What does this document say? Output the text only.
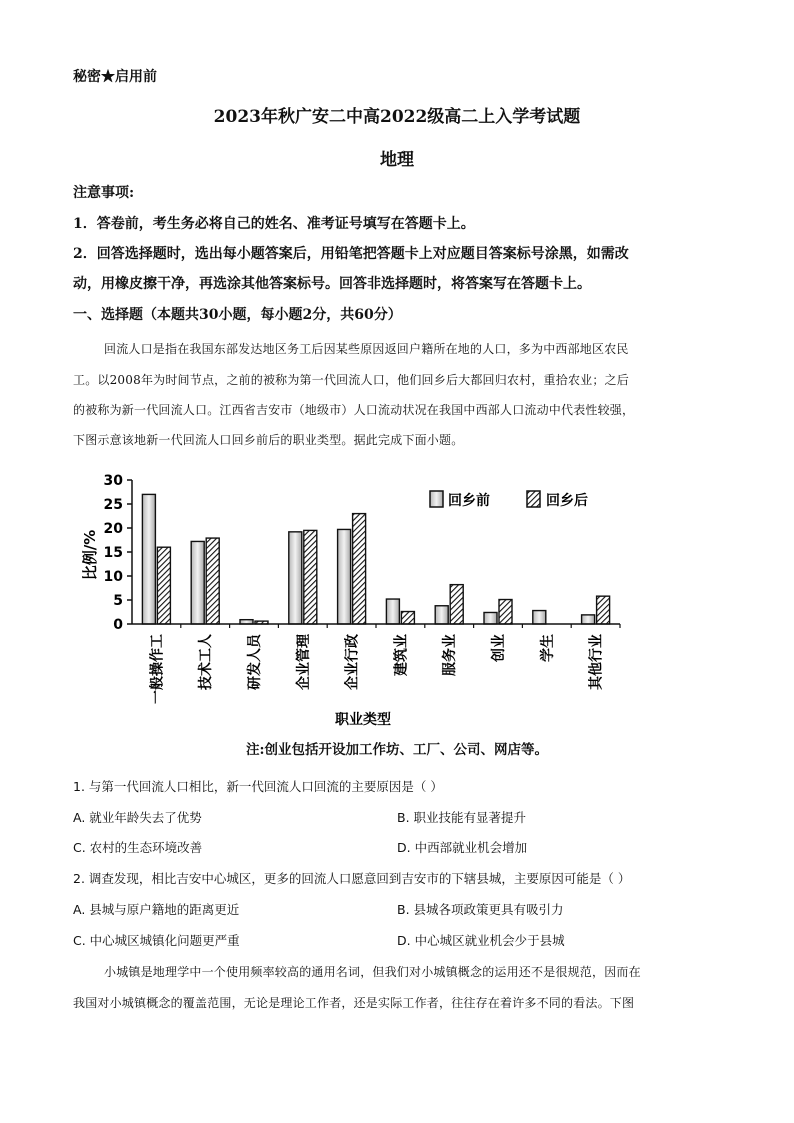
秘密★启用前
2023年秋广安二中高2022级高二上入学考试题
地理
注意事项:
1．答卷前，考生务必将自己的姓名、准考证号填写在答题卡上。
2．回答选择题时，选出每小题答案后，用铅笔把答题卡上对应题目答案标号涂黑，如需改
动，用橡皮擦干净，再选涂其他答案标号。回答非选择题时，将答案写在答题卡上。
一、选择题（本题共30小题，每小题2分，共60分）
回流人口是指在我国东部发达地区务工后因某些原因返回户籍所在地的人口，多为中西部地区农民
工。以2008年为时间节点，之前的被称为第一代回流人口，他们回乡后大都回归农村，重拾农业；之后
的被称为新一代回流人口。江西省吉安市（地级市）人口流动状况在我国中西部人口流动中代表性较强，
下图示意该地新一代回流人口回乡前后的职业类型。据此完成下面小题。
0
5
10
15
20
25
30
一般操作工 技术工人 研发人员 企业管理 企业行政 建筑业 服务业 创业 学生 其他行业
比例/%
职业类型
回乡前	回乡后
注:创业包括开设加工作坊、工厂、公司、网店等。
1. 与第一代回流人口相比，新一代回流人口回流的主要原因是（ ）
A. 就业年龄失去了优势	B. 职业技能有显著提升
C. 农村的生态环境改善	D. 中西部就业机会增加
2. 调查发现，相比吉安中心城区，更多的回流人口愿意回到吉安市的下辖县城，主要原因可能是（ ）
A. 县城与原户籍地的距离更近	B. 县城各项政策更具有吸引力
C. 中心城区城镇化问题更严重	D. 中心城区就业机会少于县城
小城镇是地理学中一个使用频率较高的通用名词，但我们对小城镇概念的运用还不是很规范，因而在
我国对小城镇概念的覆盖范围，无论是理论工作者，还是实际工作者，往往存在着许多不同的看法。下图
